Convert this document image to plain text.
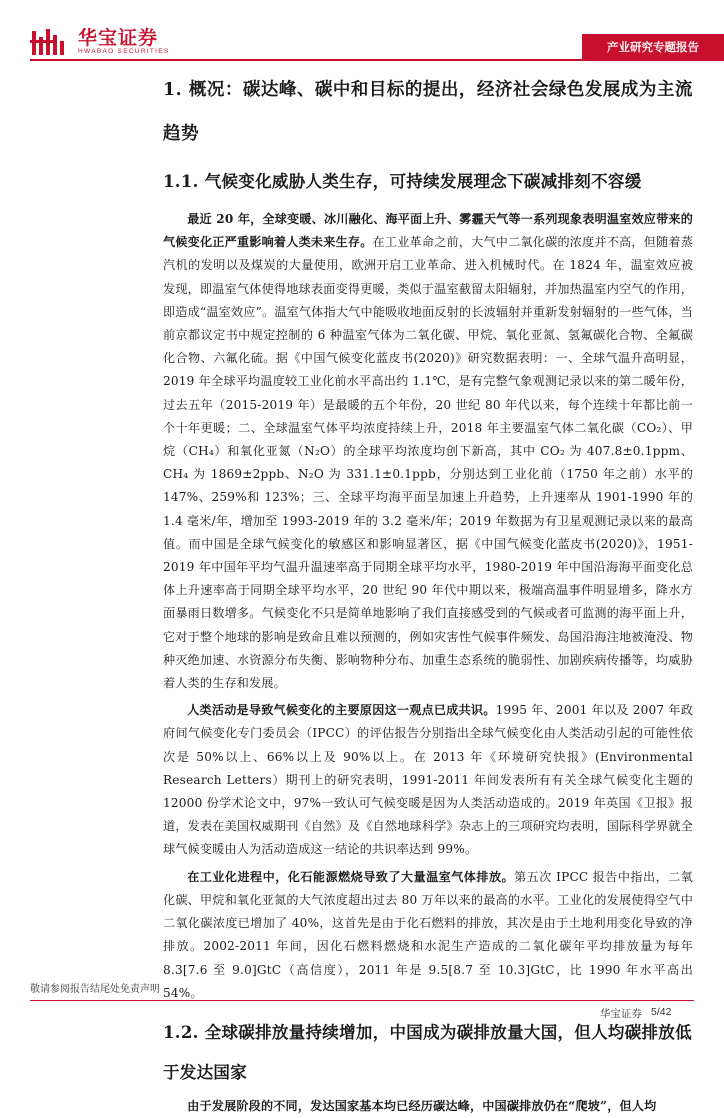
华宝证券
HWABAO SECURITIES	产业研究专题报告
1. 概况：碳达峰、碳中和目标的提出，经济社会绿色发展成为主流趋势
1.1. 气候变化威胁人类生存，可持续发展理念下碳减排刻不容缓

最近 20 年，全球变暖、冰川融化、海平面上升、雾霾天气等一系列现象表明温室效应带来的气候变化正严重影响着人类未来生存。在工业革命之前，大气中二氧化碳的浓度并不高，但随着蒸汽机的发明以及煤炭的大量使用，欧洲开启工业革命、进入机械时代。在 1824 年，温室效应被发现，即温室气体使得地球表面变得更暖，类似于温室截留太阳辐射，并加热温室内空气的作用，即造成“温室效应”。温室气体指大气中能吸收地面反射的长波辐射并重新发射辐射的一些气体，当前京都议定书中规定控制的 6 种温室气体为二氧化碳、甲烷、氧化亚氮、氢氟碳化合物、全氟碳化合物、六氟化硫。据《中国气候变化蓝皮书(2020)》研究数据表明：一、全球气温升高明显，2019 年全球平均温度较工业化前水平高出约 1.1℃，是有完整气象观测记录以来的第二暖年份，过去五年（2015-2019 年）是最暖的五个年份，20 世纪 80 年代以来，每个连续十年都比前一个十年更暖；二、全球温室气体平均浓度持续上升，2018 年主要温室气体二氧化碳（CO₂）、甲烷（CH₄）和氧化亚氮（N₂O）的全球平均浓度均创下新高，其中 CO₂ 为 407.8±0.1ppm、CH₄ 为 1869±2ppb、N₂O 为 331.1±0.1ppb，分别达到工业化前（1750 年之前）水平的 147%、259%和 123%；三、全球平均海平面呈加速上升趋势，上升速率从 1901-1990 年的 1.4 毫米/年，增加至 1993-2019 年的 3.2 毫米/年；2019 年数据为有卫星观测记录以来的最高值。而中国是全球气候变化的敏感区和影响显著区，据《中国气候变化蓝皮书(2020)》，1951-2019 年中国年平均气温升温速率高于同期全球平均水平，1980-2019 年中国沿海海平面变化总体上升速率高于同期全球平均水平，20 世纪 90 年代中期以来，极端高温事件明显增多，降水方面暴雨日数增多。气候变化不只是简单地影响了我们直接感受到的气候或者可监测的海平面上升，它对于整个地球的影响是致命且难以预测的，例如灾害性气候事件频发、岛国沿海注地被淹没、物种灭绝加速、水资源分布失衡、影响物种分布、加重生态系统的脆弱性、加剧疾病传播等，均威胁着人类的生存和发展。

人类活动是导致气候变化的主要原因这一观点已成共识。1995 年、2001 年以及 2007 年政府间气候变化专门委员会（IPCC）的评估报告分别指出全球气候变化由人类活动引起的可能性依次是 50%以上、66%以上及 90%以上。在 2013 年《环境研究快报》(Environmental Research Letters）期刊上的研究表明，1991-2011 年间发表所有有关全球气候变化主题的 12000 份学术论文中，97%一致认可气候变暖是因为人类活动造成的。2019 年英国《卫报》报道，发表在美国权威期刊《自然》及《自然地球科学》杂志上的三项研究均表明，国际科学界就全球气候变暖由人为活动造成这一结论的共识率达到 99%。

在工业化进程中，化石能源燃烧导致了大量温室气体排放。第五次 IPCC 报告中指出，二氧化碳、甲烷和氧化亚氮的大气浓度超出过去 80 万年以来的最高的水平。工业化的发展使得空气中二氧化碳浓度已增加了 40%，这首先是由于化石燃料的排放，其次是由于土地利用变化导致的净排放。2002-2011 年间，因化石燃料燃烧和水泥生产造成的二氧化碳年平均排放量为每年 8.3[7.6 至 9.0]GtC（高信度），2011 年是 9.5[8.7 至 10.3]GtC，比 1990 年水平高出 54%。

1.2. 全球碳排放量持续增加，中国成为碳排放量大国，但人均碳排放低于发达国家

由于发展阶段的不同，发达国家基本均已经历碳达峰，中国碳排放仍在“爬坡”，但人均

敬请参阅报告结尾处免责声明
华宝证券 5/42
